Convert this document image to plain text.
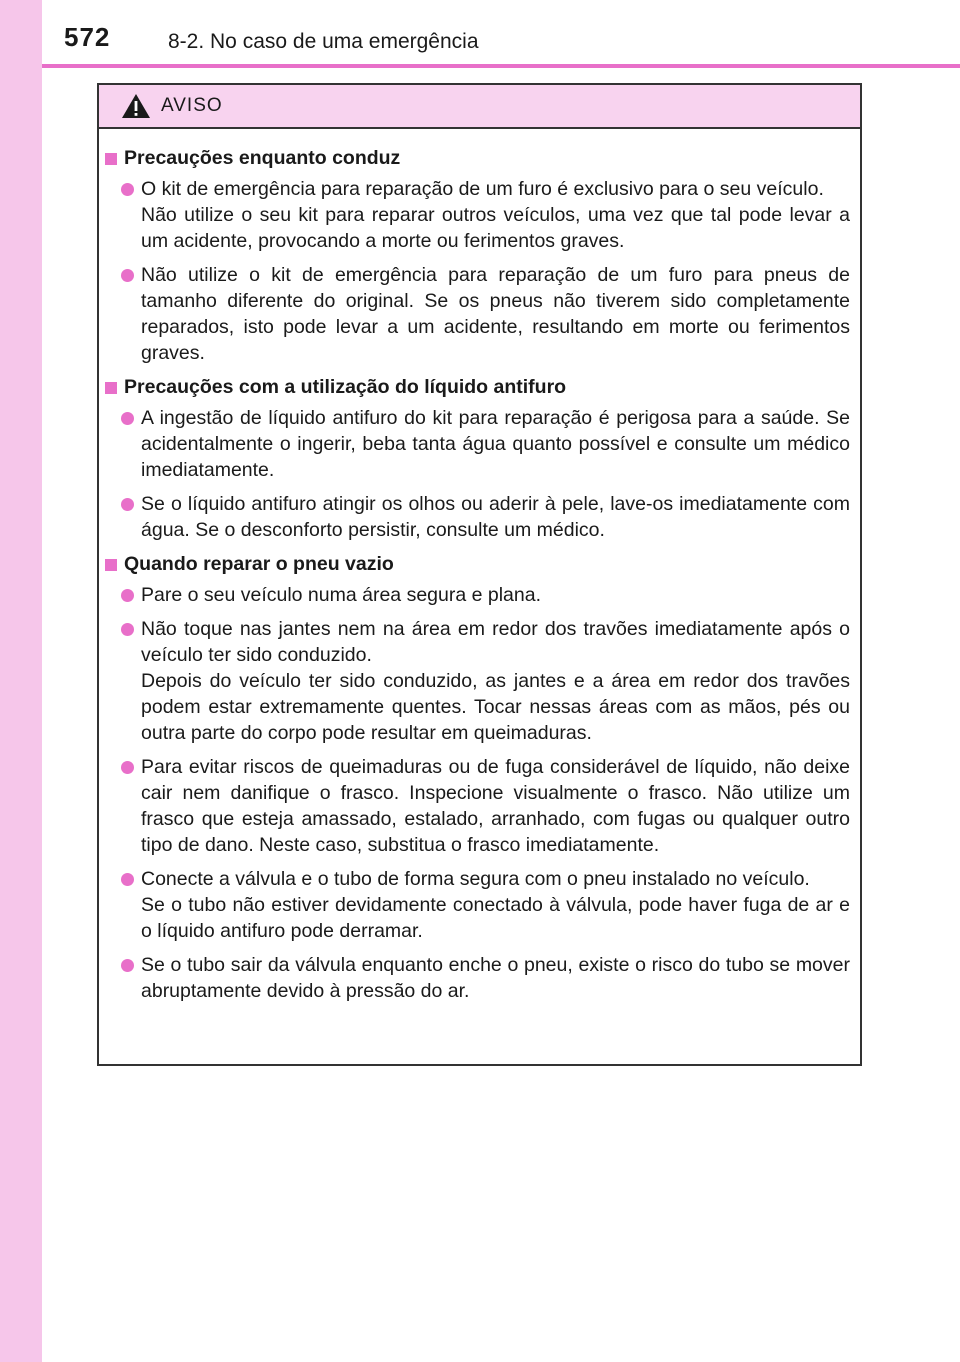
572	8-2. No caso de uma emergência
AVISO
Precauções enquanto conduz
O kit de emergência para reparação de um furo é exclusivo para o seu veículo.
Não utilize o seu kit para reparar outros veículos, uma vez que tal pode levar a um acidente, provocando a morte ou ferimentos graves.
Não utilize o kit de emergência para reparação de um furo para pneus de tamanho diferente do original. Se os pneus não tiverem sido completamente reparados, isto pode levar a um acidente, resultando em morte ou ferimentos graves.
Precauções com a utilização do líquido antifuro
A ingestão de líquido antifuro do kit para reparação é perigosa para a saúde. Se acidentalmente o ingerir, beba tanta água quanto possível e consulte um médico imediatamente.
Se o líquido antifuro atingir os olhos ou aderir à pele, lave-os imediatamente com água. Se o desconforto persistir, consulte um médico.
Quando reparar o pneu vazio
Pare o seu veículo numa área segura e plana.
Não toque nas jantes nem na área em redor dos travões imediatamente após o veículo ter sido conduzido.
Depois do veículo ter sido conduzido, as jantes e a área em redor dos travões podem estar extremamente quentes. Tocar nessas áreas com as mãos, pés ou outra parte do corpo pode resultar em queimaduras.
Para evitar riscos de queimaduras ou de fuga considerável de líquido, não deixe cair nem danifique o frasco. Inspecione visualmente o frasco. Não utilize um frasco que esteja amassado, estalado, arranhado, com fugas ou qualquer outro tipo de dano. Neste caso, substitua o frasco imediatamente.
Conecte a válvula e o tubo de forma segura com o pneu instalado no veículo.
Se o tubo não estiver devidamente conectado à válvula, pode haver fuga de ar e o líquido antifuro pode derramar.
Se o tubo sair da válvula enquanto enche o pneu, existe o risco do tubo se mover abruptamente devido à pressão do ar.
